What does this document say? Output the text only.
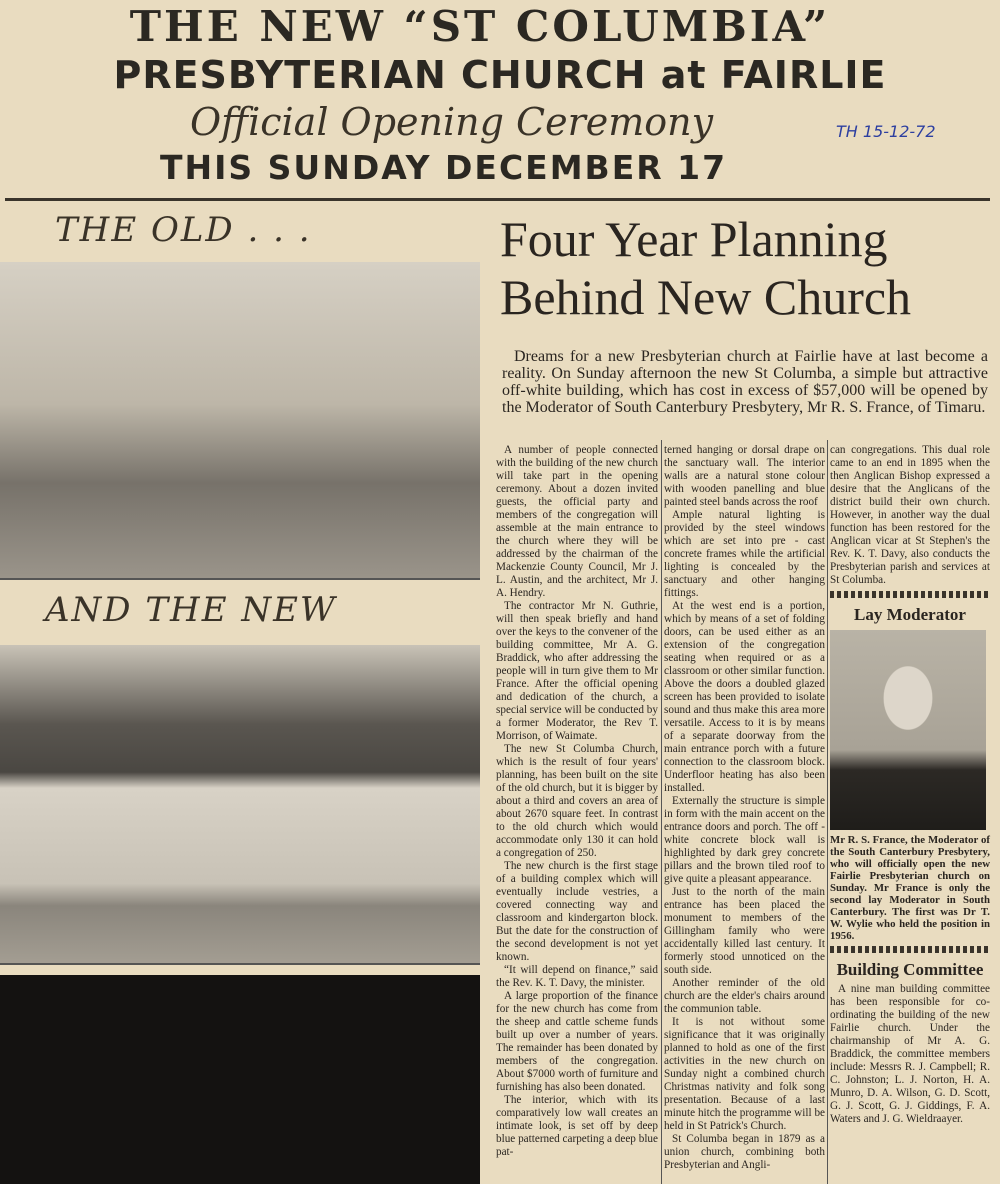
THE NEW “ST COLUMBIA”
PRESBYTERIAN CHURCH at FAIRLIE
Official Opening Ceremony
THIS SUNDAY DECEMBER 17
TH 15-12-72
THE OLD . . .
AND THE NEW
Four Year Planning Behind New Church
Dreams for a new Presbyterian church at Fairlie have at last become a reality. On Sunday afternoon the new St Columba, a simple but attractive off-white building, which has cost in excess of $57,000 will be opened by the Moderator of South Canterbury Presbytery, Mr R. S. France, of Timaru.

A number of people connected with the building of the new church will take part in the opening ceremony. About a dozen invited guests, the official party and members of the congregation will assemble at the main entrance to the church where they will be addressed by the chairman of the Mackenzie County Council, Mr J. L. Austin, and the architect, Mr J. A. Hendry.

The contractor Mr N. Guthrie, will then speak briefly and hand over the keys to the convener of the building committee, Mr A. G. Braddick, who after addressing the people will in turn give them to Mr France. After the official opening and dedication of the church, a special service will be conducted by a former Moderator, the Rev T. Morrison, of Waimate.

The new St Columba Church, which is the result of four years' planning, has been built on the site of the old church, but it is bigger by about a third and covers an area of about 2670 square feet. In contrast to the old church which would accommodate only 130 it can hold a congregation of 250.

The new church is the first stage of a building complex which will eventually include vestries, a covered connecting way and classroom and kindergarton block. But the date for the construction of the second development is not yet known.

“It will depend on finance,” said the Rev. K. T. Davy, the minister.

A large proportion of the finance for the new church has come from the sheep and cattle scheme funds built up over a number of years. The remainder has been donated by members of the congregation. About $7000 worth of furniture and furnishing has also been donated.

The interior, which with its comparatively low wall creates an intimate look, is set off by deep blue patterned carpeting a deep blue pat-

terned hanging or dorsal drape on the sanctuary wall. The interior walls are a natural stone colour with wooden panelling and blue painted steel bands across the roof

Ample natural lighting is provided by the steel windows which are set into pre - cast concrete frames while the artificial lighting is concealed by the sanctuary and other hanging fittings.

At the west end is a portion, which by means of a set of folding doors, can be used either as an extension of the congregation seating when required or as a classroom or other similar function. Above the doors a doubled glazed screen has been provided to isolate sound and thus make this area more versatile. Access to it is by means of a separate doorway from the main entrance porch with a future connection to the classroom block. Underfloor heating has also been installed.

Externally the structure is simple in form with the main accent on the entrance doors and porch. The off - white concrete block wall is highlighted by dark grey concrete pillars and the brown tiled roof to give quite a pleasant appearance.

Just to the north of the main entrance has been placed the monument to members of the Gillingham family who were accidentally killed last century. It formerly stood unnoticed on the south side.

Another reminder of the old church are the elder's chairs around the communion table.

It is not without some significance that it was originally planned to hold as one of the first activities in the new church on Sunday night a combined church Christmas nativity and folk song presentation. Because of a last minute hitch the programme will be held in St Patrick's Church.

St Columba began in 1879 as a union church, combining both Presbyterian and Angli-

can congregations. This dual role came to an end in 1895 when the then Anglican Bishop expressed a desire that the Anglicans of the district build their own church. However, in another way the dual function has been restored for the Anglican vicar at St Stephen's the Rev. K. T. Davy, also conducts the Presbyterian parish and services at St Columba.

Lay Moderator
Mr R. S. France, the Moderator of the South Canterbury Presbytery, who will officially open the new Fairlie Presbyterian church on Sunday. Mr France is only the second lay Moderator in South Canterbury. The first was Dr T. W. Wylie who held the position in 1956.
Building Committee

A nine man building committee has been responsible for co-ordinating the building of the new Fairlie church. Under the chairmanship of Mr A. G. Braddick, the committee members include: Messrs R. J. Campbell; R. C. Johnston; L. J. Norton, H. A. Munro, D. A. Wilson, G. D. Scott, G. J. Scott, G. J. Giddings, F. A. Waters and J. G. Wieldraayer.
